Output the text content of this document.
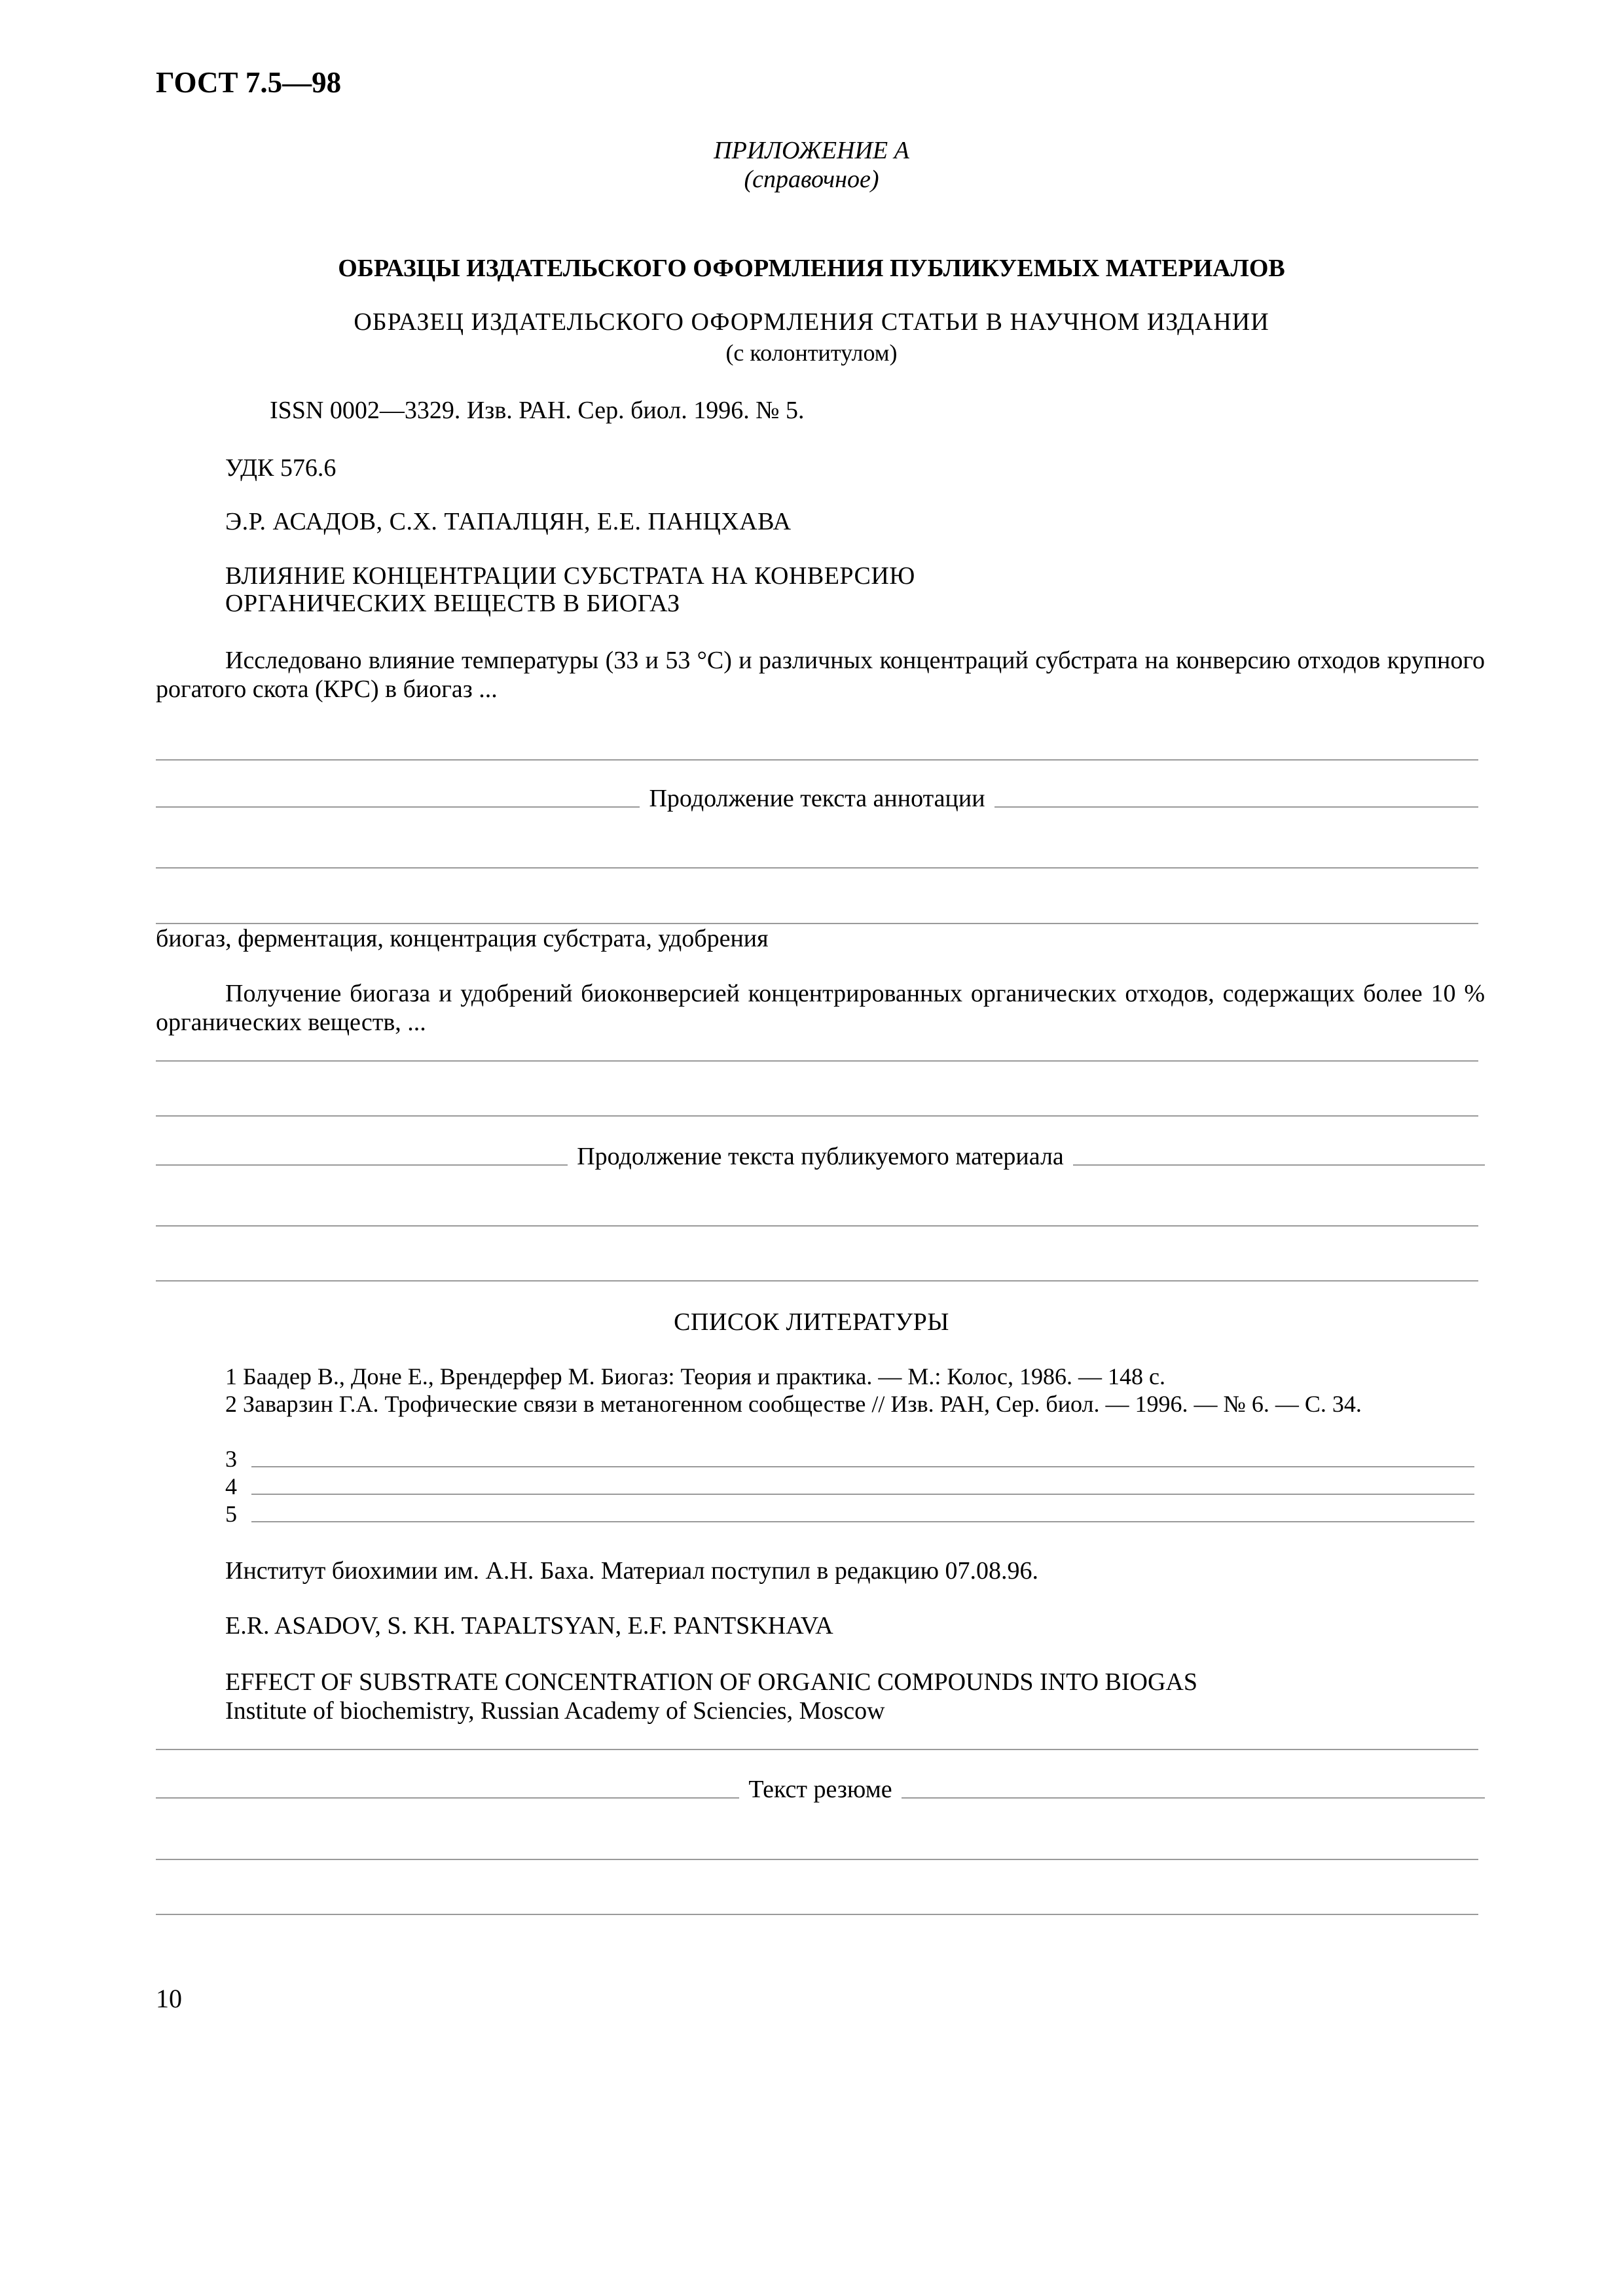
ГОСТ 7.5—98
ПРИЛОЖЕНИЕ А
(справочное)
ОБРАЗЦЫ ИЗДАТЕЛЬСКОГО ОФОРМЛЕНИЯ ПУБЛИКУЕМЫХ МАТЕРИАЛОВ
ОБРАЗЕЦ ИЗДАТЕЛЬСКОГО ОФОРМЛЕНИЯ СТАТЬИ В НАУЧНОМ ИЗДАНИИ
(с колонтитулом)
ISSN 0002—3329. Изв. РАН. Сер. биол. 1996. № 5.
УДК 576.6
Э.Р. АСАДОВ, С.Х. ТАПАЛЦЯН, Е.Е. ПАНЦХАВА
ВЛИЯНИЕ КОНЦЕНТРАЦИИ СУБСТРАТА НА КОНВЕРСИЮ
ОРГАНИЧЕСКИХ ВЕЩЕСТВ В БИОГАЗ
Исследовано влияние температуры (33 и 53 °С) и различных концентраций субстрата на конверсию отходов крупного рогатого скота (КРС) в биогаз ...
Продолжение текста аннотации
биогаз, ферментация, концентрация субстрата, удобрения
Получение биогаза и удобрений биоконверсией концентрированных органических отходов, содержащих более 10 % органических веществ, ...
Продолжение текста публикуемого материала
СПИСОК ЛИТЕРАТУРЫ
1 Баадер В., Доне Е., Врендерфер М. Биогаз: Теория и практика. — М.: Колос, 1986. — 148 с.
2 Заварзин Г.А. Трофические связи в метаногенном сообществе // Изв. РАН, Сер. биол. — 1996. — № 6. — С. 34.
3
4
5
Институт биохимии им. А.Н. Баха. Материал поступил в редакцию 07.08.96.
E.R. ASADOV, S. KH. TAPALTSYAN, E.F. PANTSKHAVA
EFFECT OF SUBSTRATE CONCENTRATION OF ORGANIC COMPOUNDS INTO BIOGAS
Institute of biochemistry, Russian Academy of Sciencies, Moscow
Текст резюме
10
